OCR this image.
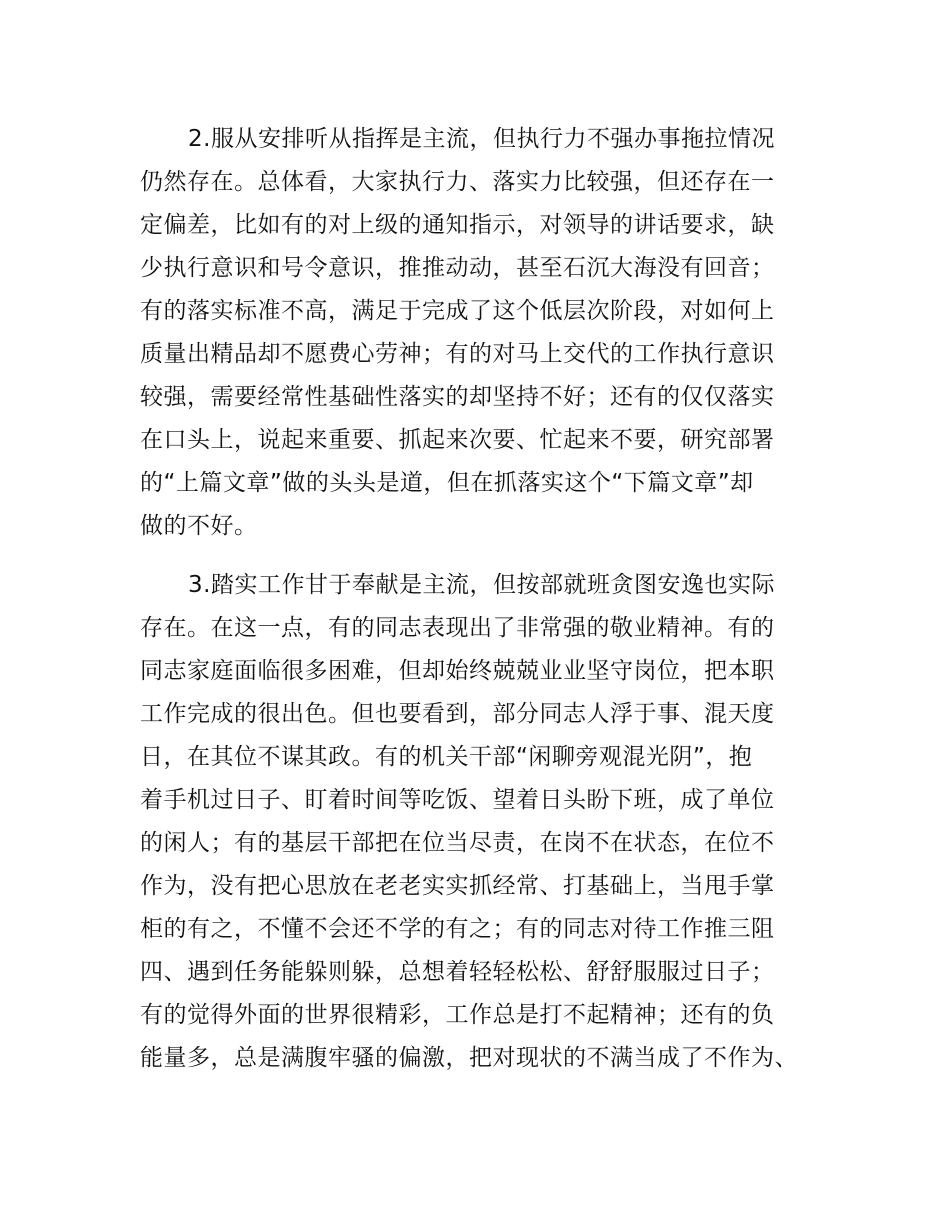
2.服从安排听从指挥是主流，但执行力不强办事拖拉情况
仍然存在。总体看，大家执行力、落实力比较强，但还存在一
定偏差，比如有的对上级的通知指示，对领导的讲话要求，缺
少执行意识和号令意识，推推动动，甚至石沉大海没有回音；
有的落实标准不高，满足于完成了这个低层次阶段，对如何上
质量出精品却不愿费心劳神；有的对马上交代的工作执行意识
较强，需要经常性基础性落实的却坚持不好；还有的仅仅落实
在口头上，说起来重要、抓起来次要、忙起来不要，研究部署
的“上篇文章”做的头头是道，但在抓落实这个“下篇文章”却
做的不好。
3.踏实工作甘于奉献是主流，但按部就班贪图安逸也实际
存在。在这一点，有的同志表现出了非常强的敬业精神。有的
同志家庭面临很多困难，但却始终兢兢业业坚守岗位，把本职
工作完成的很出色。但也要看到，部分同志人浮于事、混天度
日，在其位不谋其政。有的机关干部“闲聊旁观混光阴”，抱
着手机过日子、盯着时间等吃饭、望着日头盼下班，成了单位
的闲人；有的基层干部把在位当尽责，在岗不在状态，在位不
作为，没有把心思放在老老实实抓经常、打基础上，当甩手掌
柜的有之，不懂不会还不学的有之；有的同志对待工作推三阻
四、遇到任务能躲则躲，总想着轻轻松松、舒舒服服过日子；
有的觉得外面的世界很精彩，工作总是打不起精神；还有的负
能量多，总是满腹牢骚的偏激，把对现状的不满当成了不作为、
